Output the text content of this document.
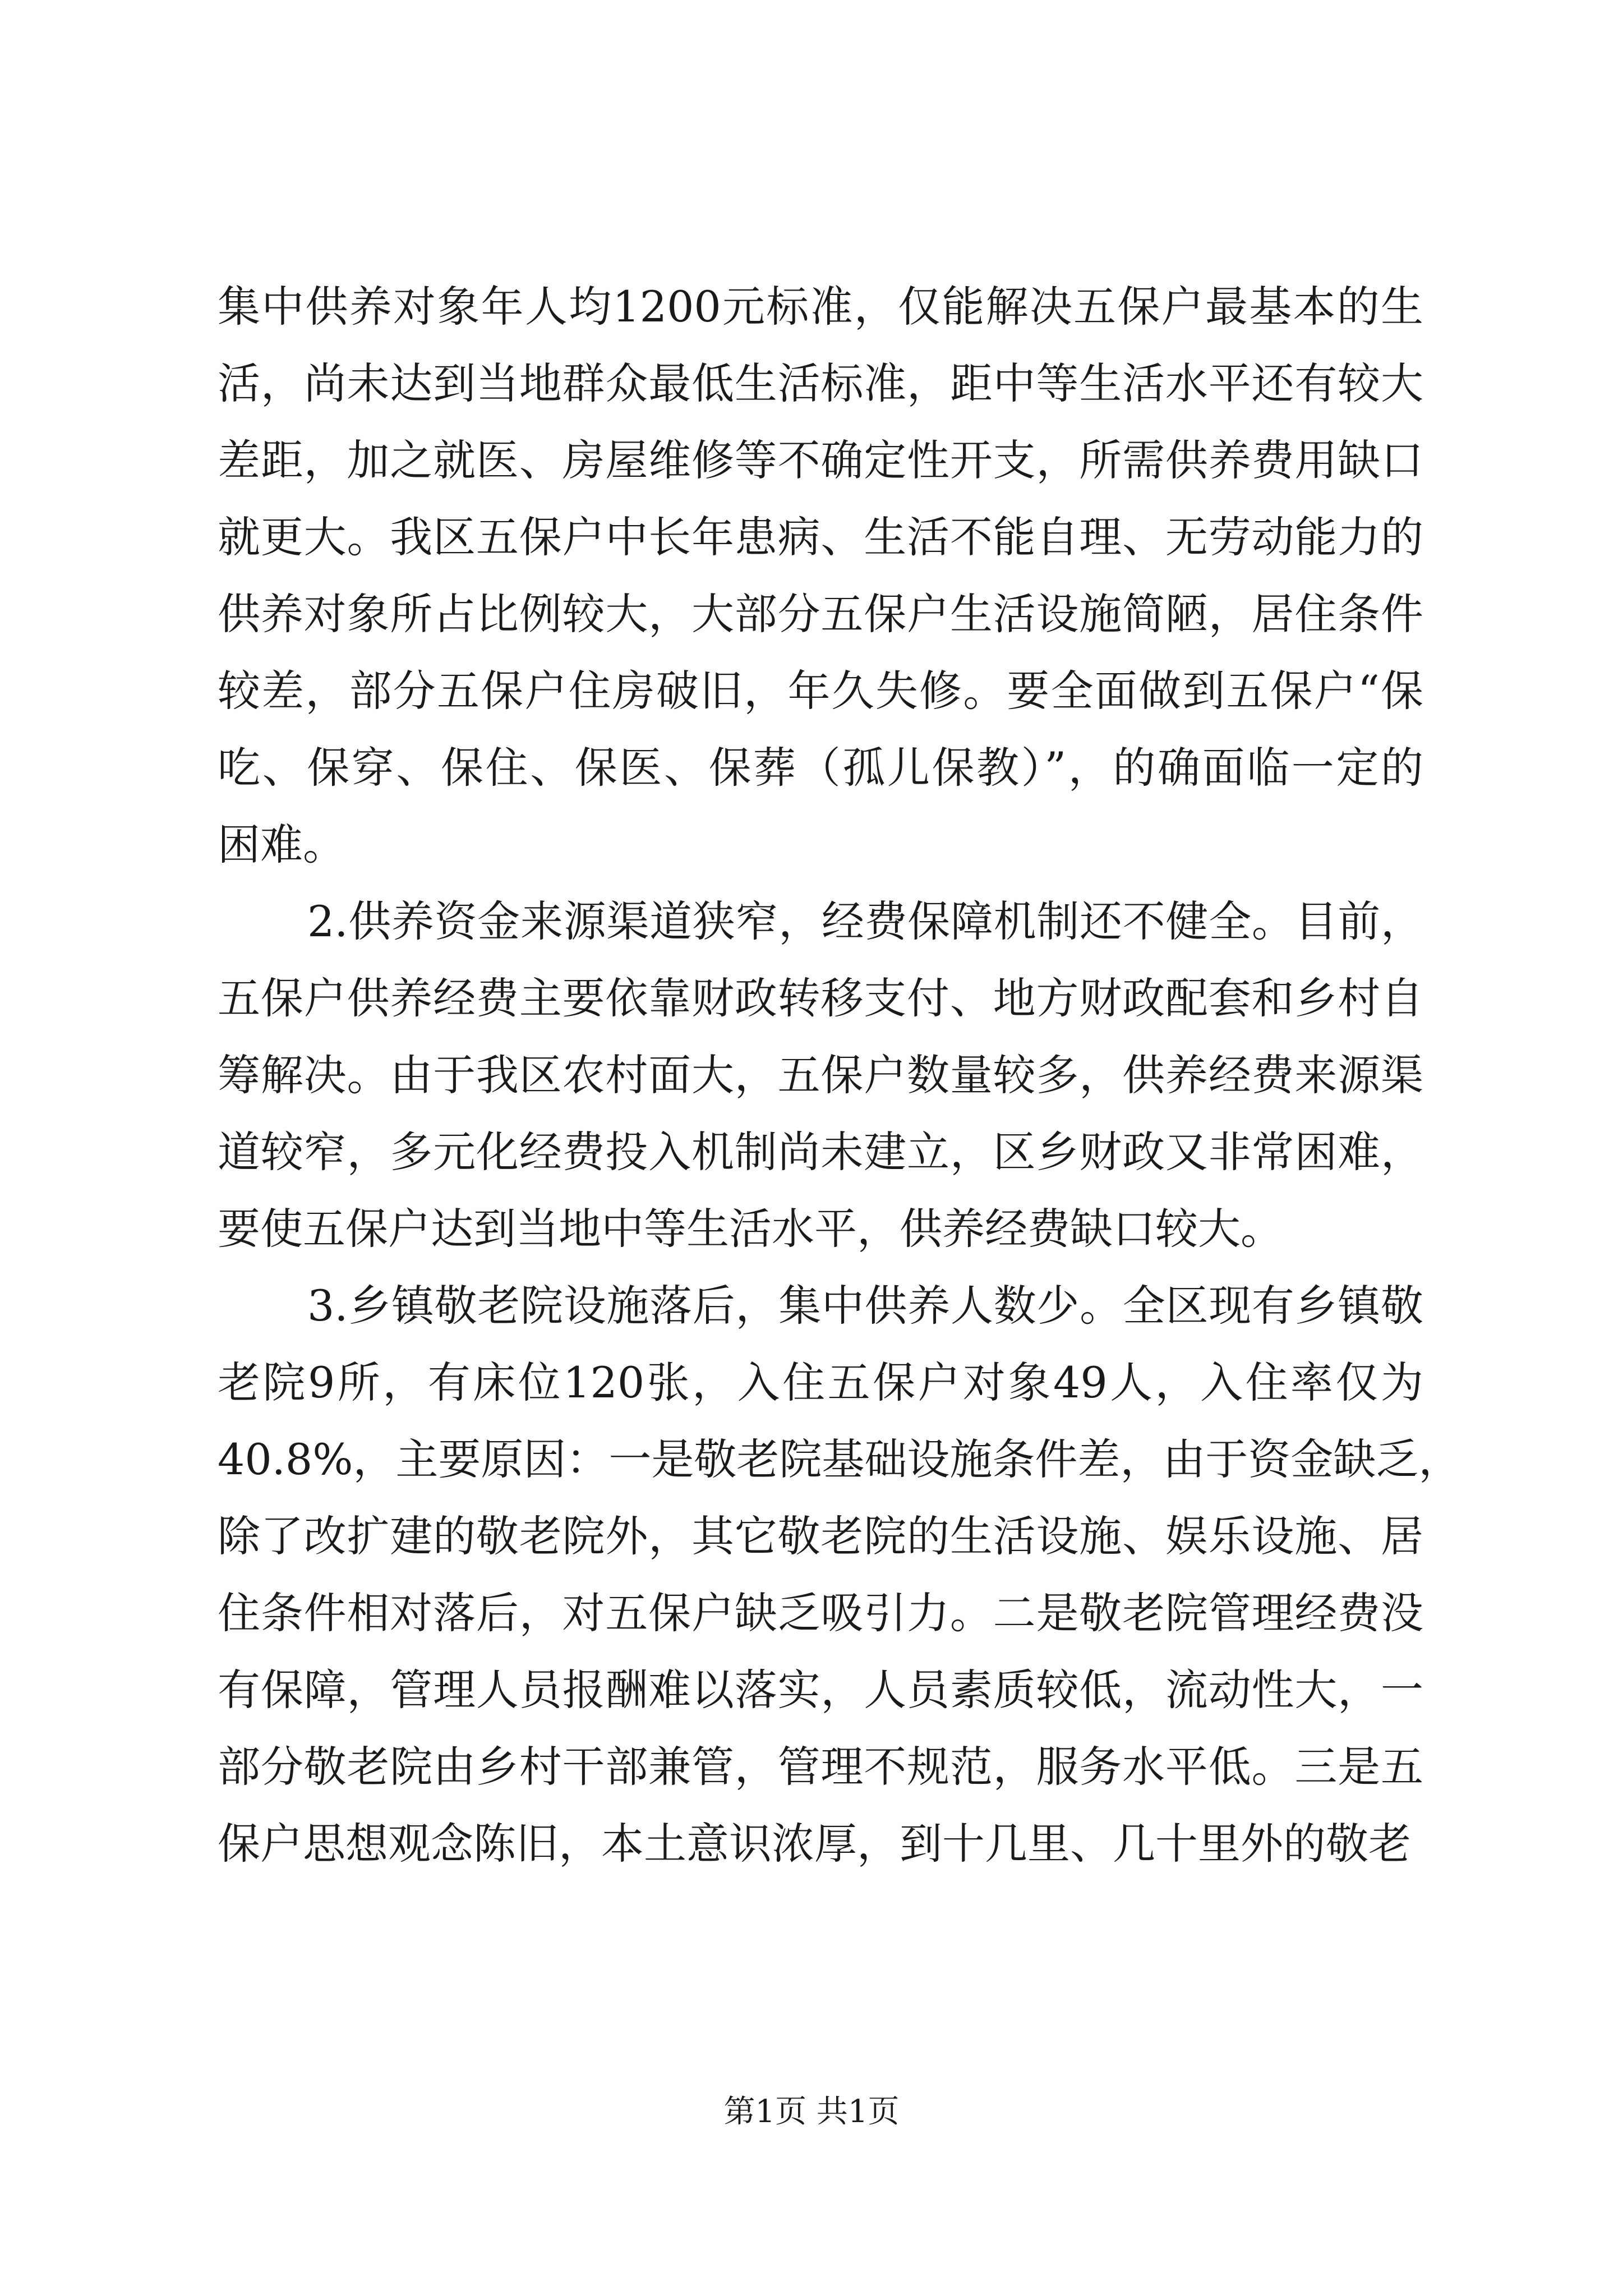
集中供养对象年人均1200元标准，仅能解决五保户最基本的生
活，尚未达到当地群众最低生活标准，距中等生活水平还有较大
差距，加之就医、房屋维修等不确定性开支，所需供养费用缺口
就更大。我区五保户中长年患病、生活不能自理、无劳动能力的
供养对象所占比例较大，大部分五保户生活设施简陋，居住条件
较差，部分五保户住房破旧，年久失修。要全面做到五保户“保
吃、保穿、保住、保医、保葬（孤儿保教）”，的确面临一定的
困难。
2.供养资金来源渠道狭窄，经费保障机制还不健全。目前，
五保户供养经费主要依靠财政转移支付、地方财政配套和乡村自
筹解决。由于我区农村面大，五保户数量较多，供养经费来源渠
道较窄，多元化经费投入机制尚未建立，区乡财政又非常困难，
要使五保户达到当地中等生活水平，供养经费缺口较大。
3.乡镇敬老院设施落后，集中供养人数少。全区现有乡镇敬
老院9所，有床位120张，入住五保户对象49人，入住率仅为
40.8%，主要原因：一是敬老院基础设施条件差，由于资金缺乏，
除了改扩建的敬老院外，其它敬老院的生活设施、娱乐设施、居
住条件相对落后，对五保户缺乏吸引力。二是敬老院管理经费没
有保障，管理人员报酬难以落实，人员素质较低，流动性大，一
部分敬老院由乡村干部兼管，管理不规范，服务水平低。三是五
保户思想观念陈旧，本土意识浓厚，到十几里、几十里外的敬老
第1页 共1页
